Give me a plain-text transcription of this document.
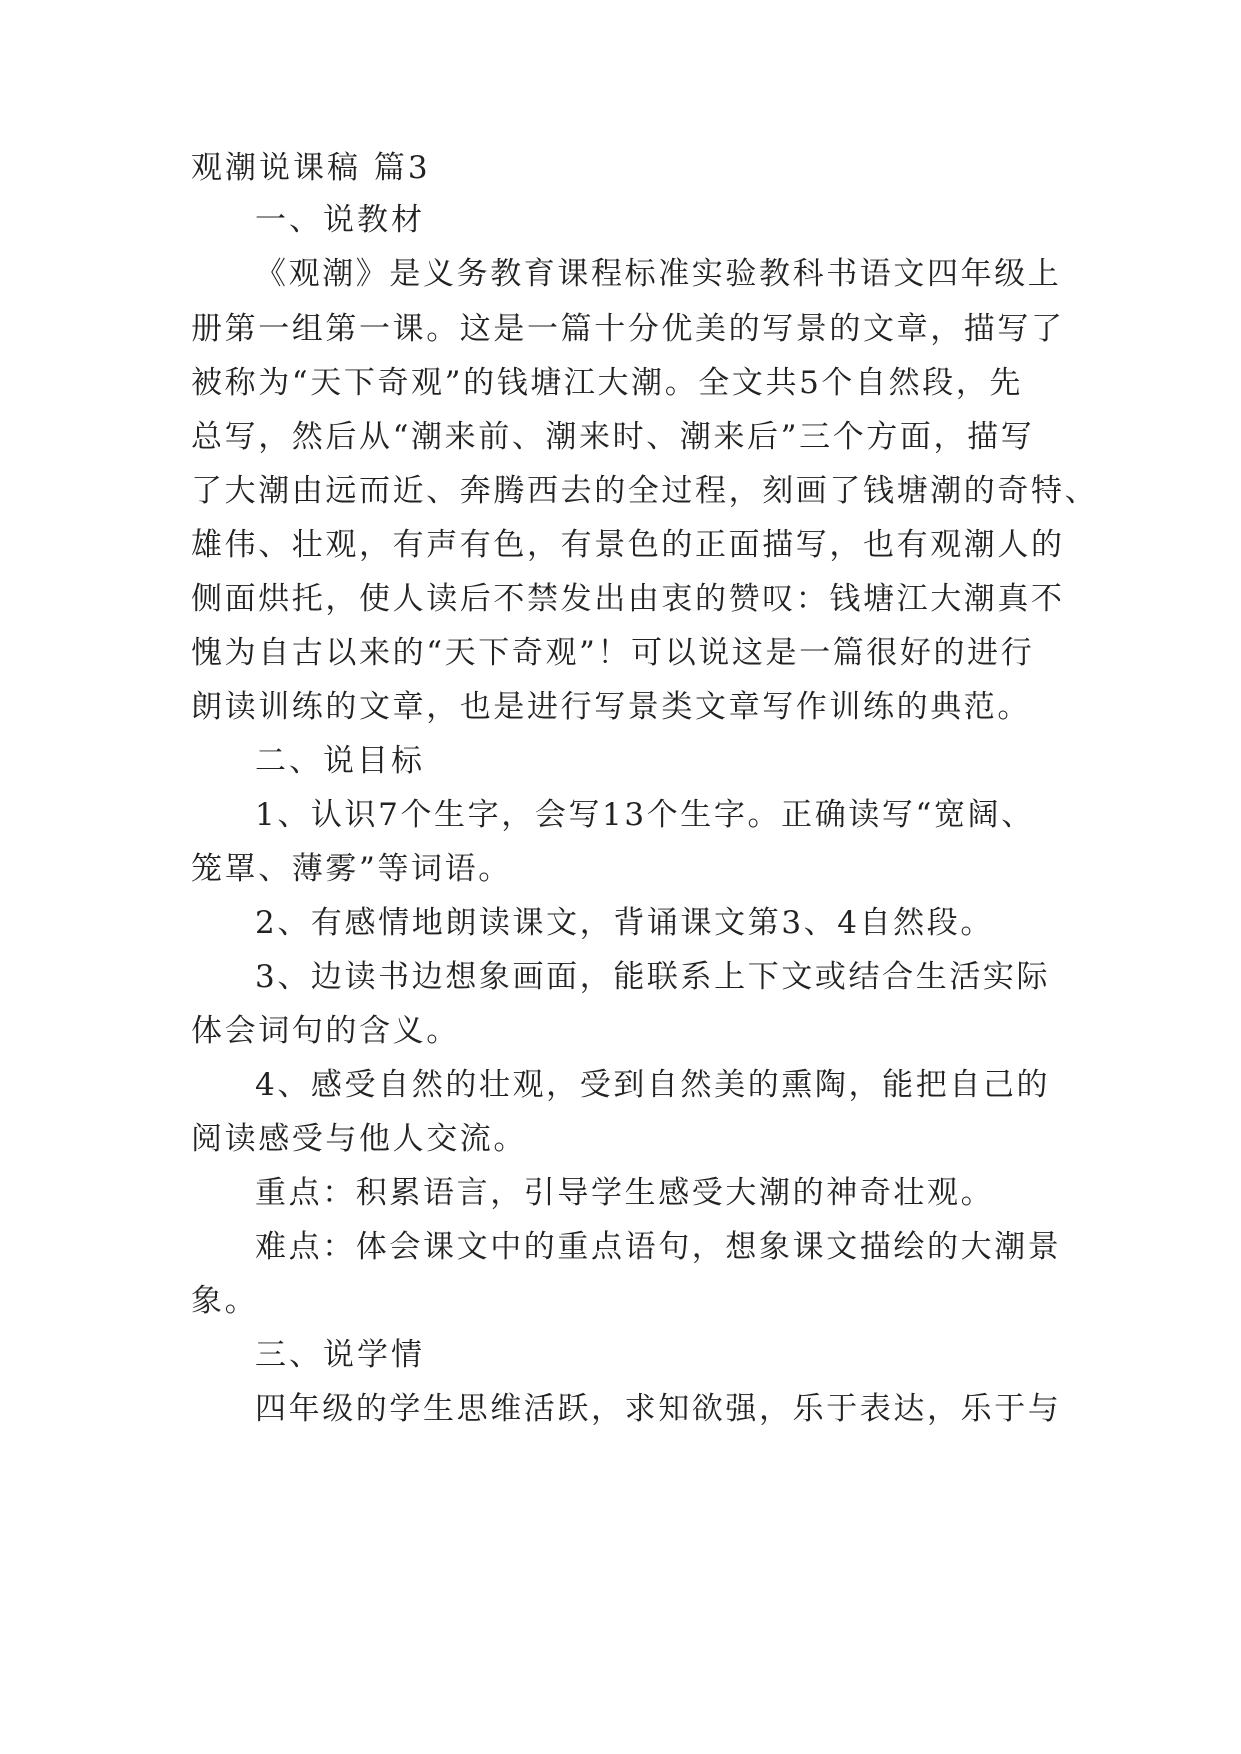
观潮说课稿 篇3
一、说教材
《观潮》是义务教育课程标准实验教科书语文四年级上
册第一组第一课。这是一篇十分优美的写景的文章，描写了
被称为“天下奇观”的钱塘江大潮。全文共5个自然段，先
总写，然后从“潮来前、潮来时、潮来后”三个方面，描写
了大潮由远而近、奔腾西去的全过程，刻画了钱塘潮的奇特、
雄伟、壮观，有声有色，有景色的正面描写，也有观潮人的
侧面烘托，使人读后不禁发出由衷的赞叹：钱塘江大潮真不
愧为自古以来的“天下奇观”！可以说这是一篇很好的进行
朗读训练的文章，也是进行写景类文章写作训练的典范。
二、说目标
1、认识7个生字，会写13个生字。正确读写“宽阔、
笼罩、薄雾”等词语。
2、有感情地朗读课文，背诵课文第3、4自然段。
3、边读书边想象画面，能联系上下文或结合生活实际
体会词句的含义。
4、感受自然的壮观，受到自然美的熏陶，能把自己的
阅读感受与他人交流。
重点：积累语言，引导学生感受大潮的神奇壮观。
难点：体会课文中的重点语句，想象课文描绘的大潮景
象。
三、说学情
四年级的学生思维活跃，求知欲强，乐于表达，乐于与
